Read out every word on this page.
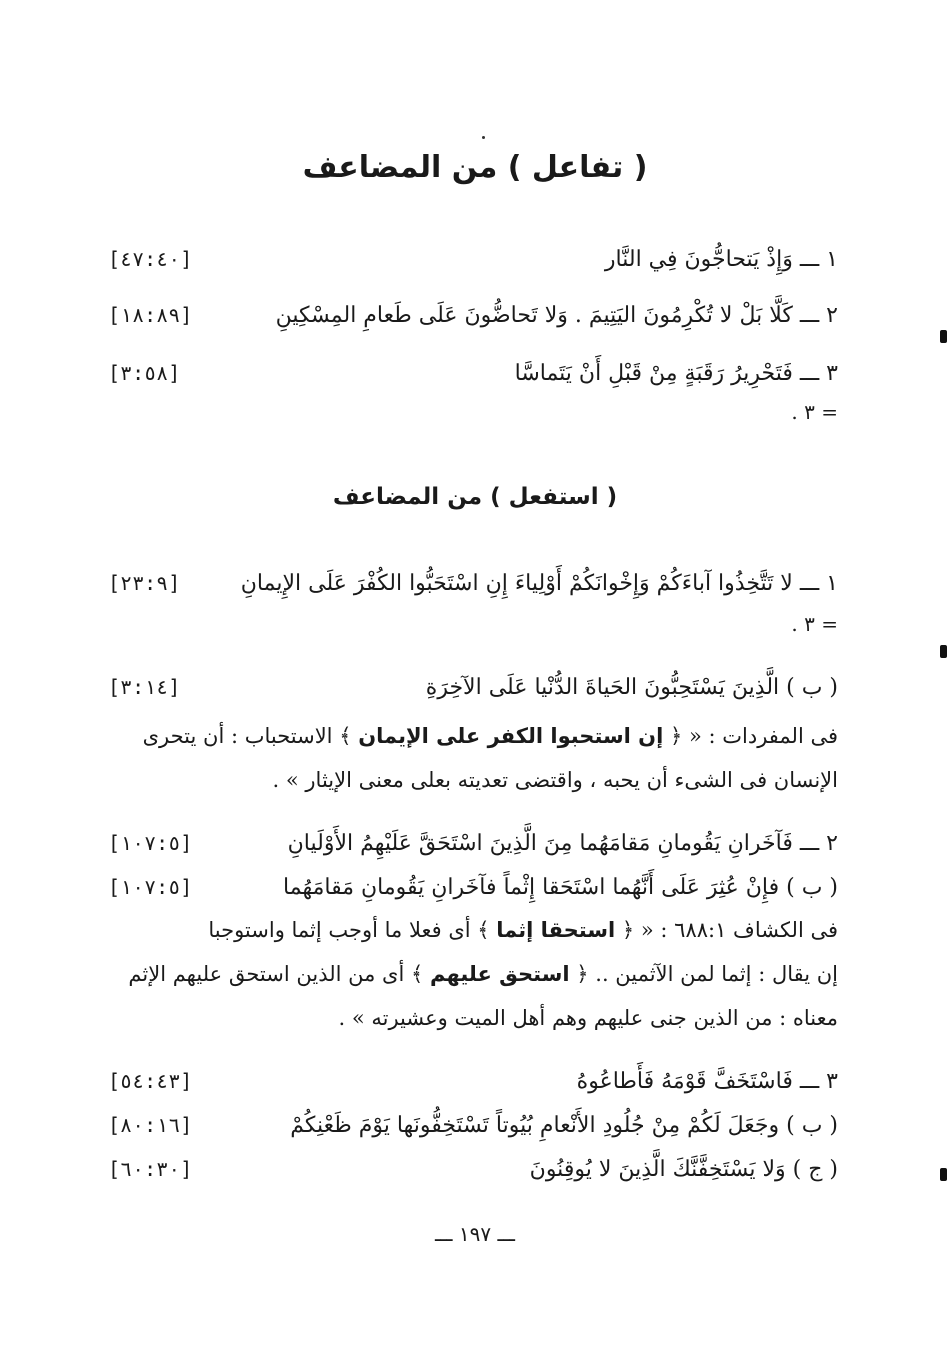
( تفاعل ) من المضاعف
١ ـــ وَإِذْ يَتحاجُّونَ فِي النَّار
[٤٧:٤٠]
٢ ـــ كَلَّا بَلْ لا تُكْرِمُونَ اليَتِيمَ . وَلا تَحاضُّونَ عَلَى طَعامِ المِسْكِينِ
[١٨:٨٩]
٣ ـــ فَتَحْرِيرُ رَقَبَةٍ مِنْ قَبْلِ أَنْ يَتَماسَّا
[٣:٥٨]
= ٣ .
( استفعل ) من المضاعف
١ ـــ لا تَتَّخِذُوا آباءَكُمْ وَإِخْوانَكُمْ أَوْلِياءَ إِنِ اسْتَحَبُّوا الكُفْرَ عَلَى الإِيمانِ
[٢٣:٩]
= ٣ .
( ب ) الَّذِينَ يَسْتَحِبُّونَ الحَياةَ الدُّنْيا عَلَى الآخِرَةِ
[٣:١٤]
فى المفردات : « ﴿ إن استحبوا الكفر على الإيمان ﴾ الاستحباب : أن يتحرى
الإنسان فى الشىء أن يحبه ، واقتضى تعديته بعلى معنى الإيثار » .
٢ ـــ فَآخَرانِ يَقُومانِ مَقامَهُما مِنَ الَّذِينَ اسْتَحَقَّ عَلَيْهِمُ الأَوْلَيانِ
[١٠٧:٥]
( ب ) فإِنْ عُثِرَ عَلَى أَنَّهُما اسْتَحَقا إِثْماً فآخَرانِ يَقُومانِ مَقامَهُما
[١٠٧:٥]
فى الكشاف ٦٨٨:١ : « ﴿ استحقا إثما ﴾ أى فعلا ما أوجب إثما واستوجبا
إن يقال : إثما لمن الآثمين .. ﴿ استحق عليهم ﴾ أى من الذين استحق عليهم الإثم
معناه : من الذين جنى عليهم وهم أهل الميت وعشيرته » .
٣ ـــ فَاسْتَخَفَّ قَوْمَهُ فَأَطاعُوهُ
[٥٤:٤٣]
( ب ) وجَعَلَ لَكُمْ مِنْ جُلُودِ الأَنْعامِ بُيُوتاً تَسْتَخِفُّونَها يَوْمَ ظَعْنِكُمْ
[٨٠:١٦]
( ج ) وَلا يَسْتَخِفَّنَّكَ الَّذِينَ لا يُوقِنُونَ
[٦٠:٣٠]
ـــ ١٩٧ ـــ
